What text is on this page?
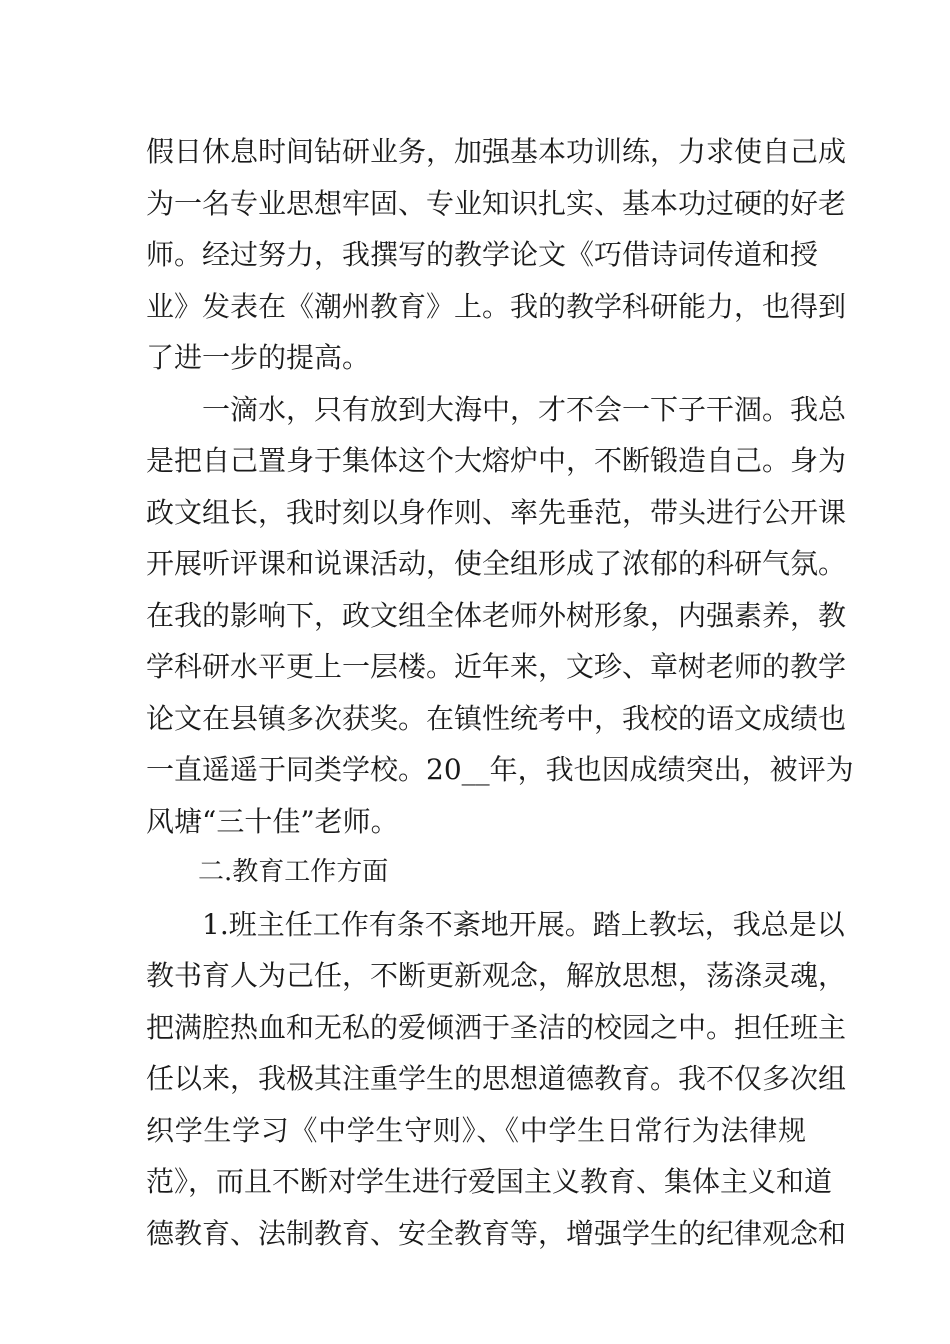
假日休息时间钻研业务，加强基本功训练，力求使自己成
为一名专业思想牢固、专业知识扎实、基本功过硬的好老
师。经过努力，我撰写的教学论文《巧借诗词传道和授
业》发表在《潮州教育》上。我的教学科研能力，也得到
了进一步的提高。
一滴水，只有放到大海中，才不会一下子干涸。我总
是把自己置身于集体这个大熔炉中，不断锻造自己。身为
政文组长，我时刻以身作则、率先垂范，带头进行公开课
开展听评课和说课活动，使全组形成了浓郁的科研气氛。
在我的影响下，政文组全体老师外树形象，内强素养，教
学科研水平更上一层楼。近年来，文珍、章树老师的教学
论文在县镇多次获奖。在镇性统考中，我校的语文成绩也
一直遥遥于同类学校。20__年，我也因成绩突出，被评为
风塘“三十佳”老师。
二.教育工作方面
1.班主任工作有条不紊地开展。踏上教坛，我总是以
教书育人为己任，不断更新观念，解放思想，荡涤灵魂，
把满腔热血和无私的爱倾洒于圣洁的校园之中。担任班主
任以来，我极其注重学生的思想道德教育。我不仅多次组
织学生学习《中学生守则》、《中学生日常行为法律规
范》，而且不断对学生进行爱国主义教育、集体主义和道
德教育、法制教育、安全教育等，增强学生的纪律观念和
